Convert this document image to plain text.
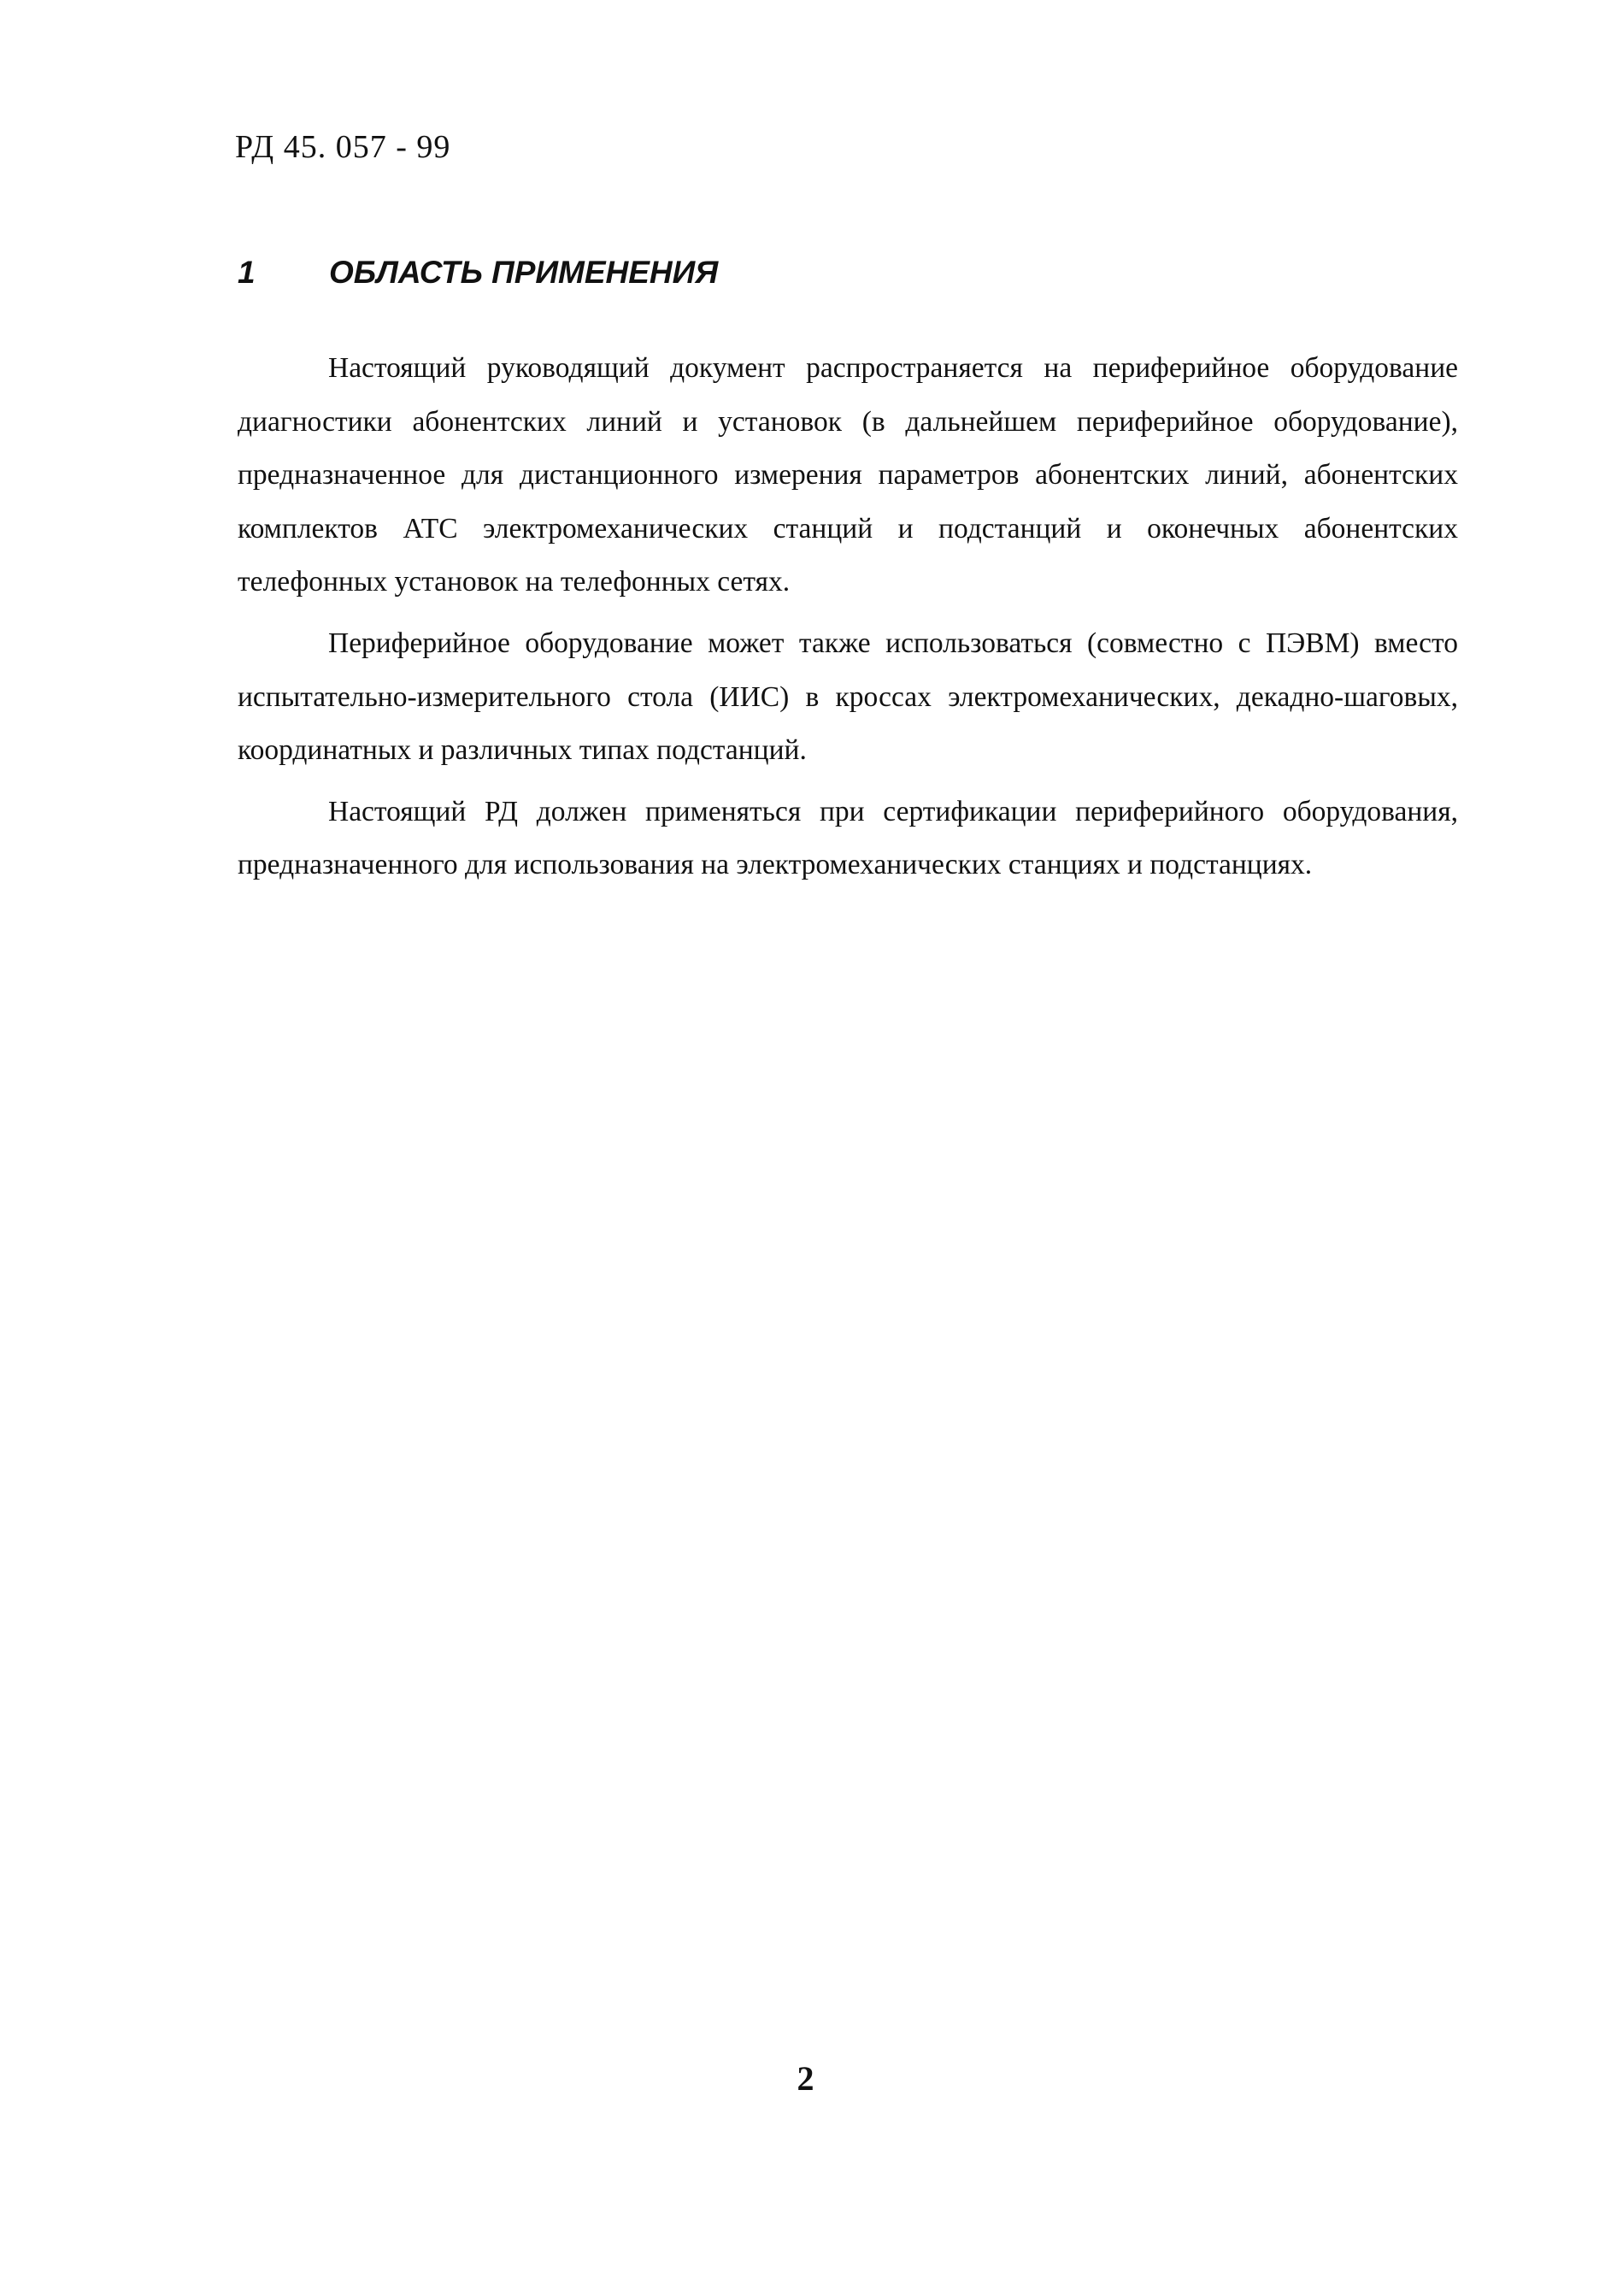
РД 45. 057 - 99
1 ОБЛАСТЬ ПРИМЕНЕНИЯ

Настоящий руководящий документ распространяется на периферийное оборудование диагностики абонентских линий и установок (в дальнейшем периферийное оборудование), предназначенное для дистанционного измерения параметров абонентских линий, абонентских комплектов АТС электромеханических станций и подстанций и оконечных абонентских телефонных установок на телефонных сетях.

Периферийное оборудование может также использоваться (совместно с ПЭВМ) вместо испытательно-измерительного стола (ИИС) в кроссах электромеханических, декадно-шаговых, координатных и различных типах подстанций.

Настоящий РД должен применяться при сертификации периферийного оборудования, предназначенного для использования на электромеханических станциях и подстанциях.

2
